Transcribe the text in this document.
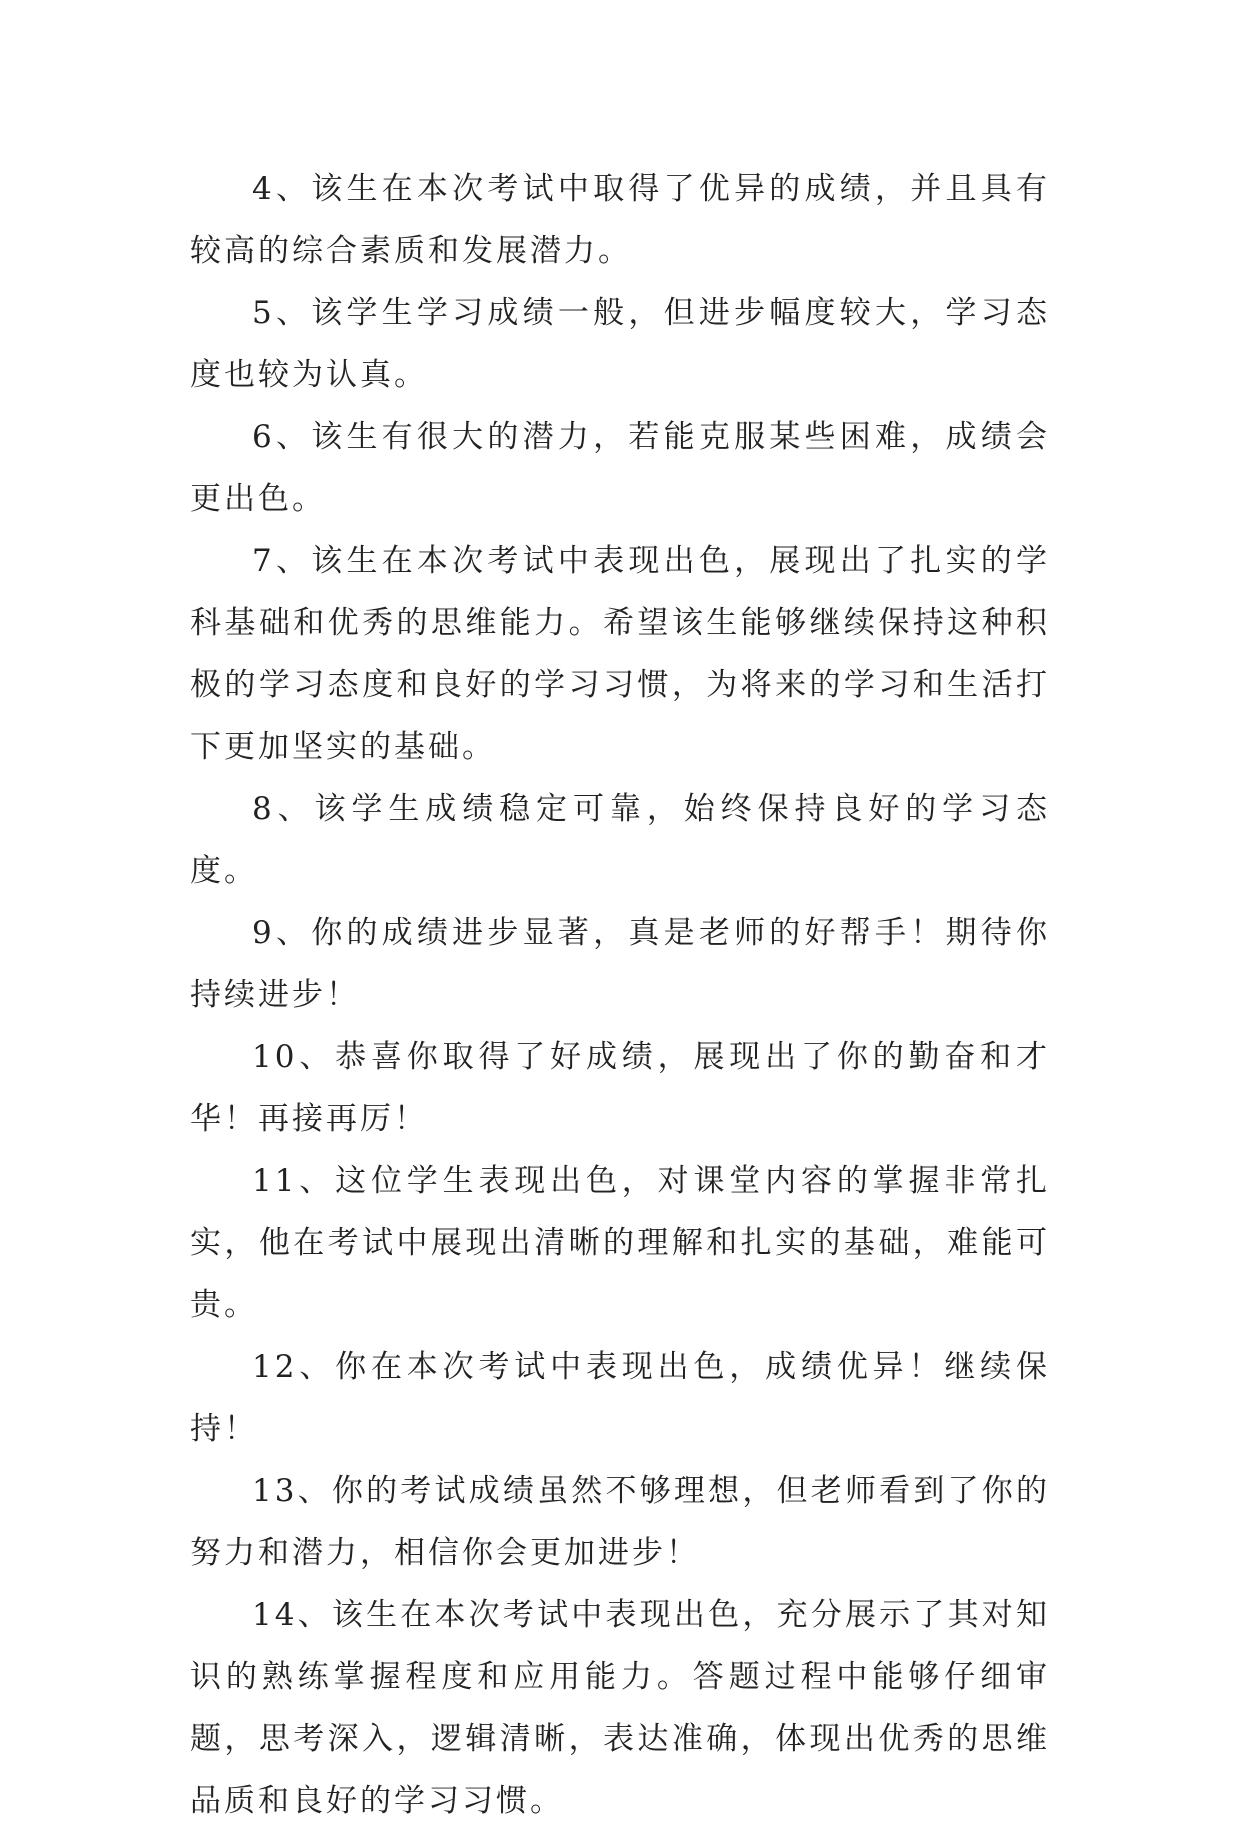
4、该生在本次考试中取得了优异的成绩，并且具有较高的综合素质和发展潜力。

5、该学生学习成绩一般，但进步幅度较大，学习态度也较为认真。

6、该生有很大的潜力，若能克服某些困难，成绩会更出色。

7、该生在本次考试中表现出色，展现出了扎实的学科基础和优秀的思维能力。希望该生能够继续保持这种积极的学习态度和良好的学习习惯，为将来的学习和生活打下更加坚实的基础。

8、该学生成绩稳定可靠，始终保持良好的学习态度。

9、你的成绩进步显著，真是老师的好帮手！期待你持续进步！

10、恭喜你取得了好成绩，展现出了你的勤奋和才华！再接再厉！

11、这位学生表现出色，对课堂内容的掌握非常扎实，他在考试中展现出清晰的理解和扎实的基础，难能可贵。

12、你在本次考试中表现出色，成绩优异！继续保持！

13、你的考试成绩虽然不够理想，但老师看到了你的努力和潜力，相信你会更加进步！

14、该生在本次考试中表现出色，充分展示了其对知识的熟练掌握程度和应用能力。答题过程中能够仔细审题，思考深入，逻辑清晰，表达准确，体现出优秀的思维品质和良好的学习习惯。
